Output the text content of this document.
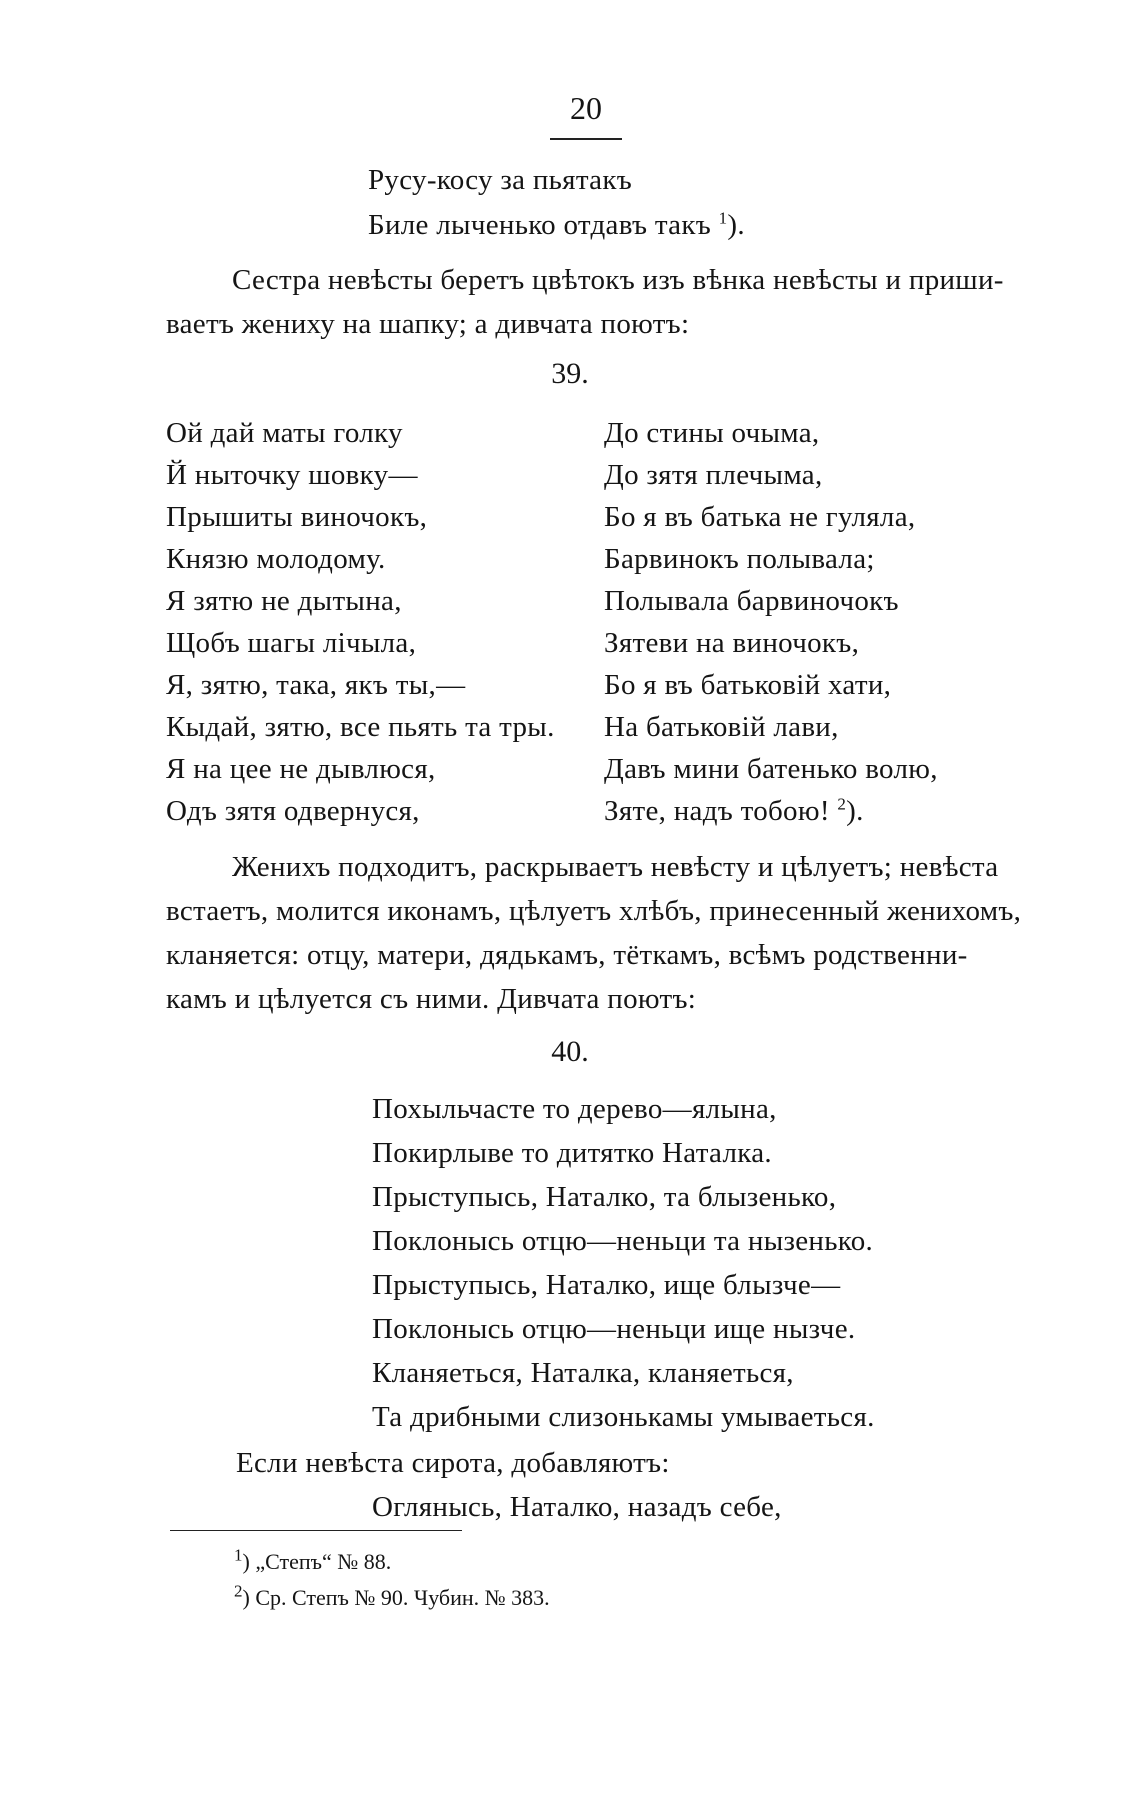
20
Русу-косу за пьятакъ
Биле лыченько отдавъ такъ $^1$).
Сестра невѣсты беретъ цвѣтокъ изъ вѣнка невѣсты и приши-
ваетъ жениху на шапку; а дивчата поютъ:
39.
Ой дай маты голку
Й ныточку шовку—
Прышиты виночокъ,
Князю молодому.
Я зятю не дытына,
Щобъ шагы лічыла,
Я, зятю, така, якъ ты,—
Кыдай, зятю, все пьять та тры.
Я на цее не дывлюся,
Одъ зятя одвернуся,
До стины очыма,
До зятя плечыма,
Бо я въ батька не гуляла,
Барвинокъ полывала;
Полывала барвиночокъ
Зятеви на виночокъ,
Бо я въ батьковій хати,
На батьковій лави,
Давъ мини батенько волю,
Зяте, надъ тобою! $^2$).
Женихъ подходитъ, раскрываетъ невѣсту и цѣлуетъ; невѣста
встаетъ, молится иконамъ, цѣлуетъ хлѣбъ, принесенный женихомъ,
кланяется: отцу, матери, дядькамъ, тёткамъ, всѣмъ родственни-
камъ и цѣлуется съ ними. Дивчата поютъ:
40.
Похыльчасте то дерево—ялына,
Покирлыве то дитятко Наталка.
Прыступысь, Наталко, та блызенько,
Поклонысь отцю—неньци та нызенько.
Прыступысь, Наталко, ище блызче—
Поклонысь отцю—неньци ище нызче.
Кланяеться, Наталка, кланяеться,
Та дрибными слизонькамы умываеться.
Если невѣста сирота, добавляютъ:
Оглянысь, Наталко, назадъ себе,
$^1$) „Степъ“ № 88.
$^2$) Ср. Степъ № 90. Чубин. № 383.
